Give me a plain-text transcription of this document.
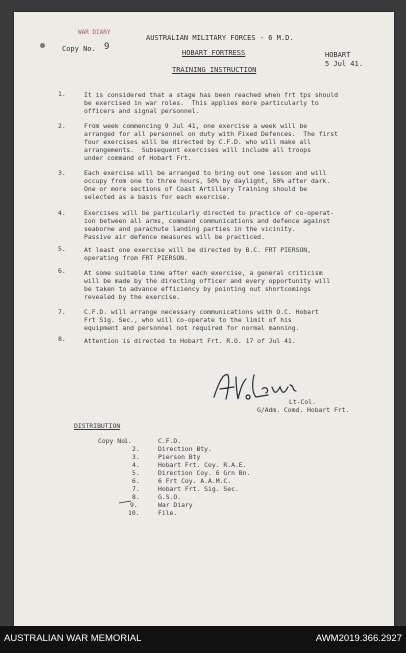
WAR DIARY
AUSTRALIAN MILITARY FORCES - 6 M.D.
Copy No. 9
HOBART FORTRESS	HOBART
5 Jul 41.
TRAINING INSTRUCTION
1.	It is considered that a stage has been reached when frt tps should
be exercised in war roles.  This applies more particularly to
officers and signal personnel.
2.	From week commencing 9 Jul 41, one exercise a week will be
arranged for all personnel on duty with Fixed Defences.  The first
four exercises will be directed by C.F.D. who will make all
arrangements.  Subsequent exercises will include all troops
under command of Hobart Frt.
3.	Each exercise will be arranged to bring out one lesson and will
occupy from one to three hours, 50% by daylight, 50% after dark.
One or more sections of Coast Artillery Training should be
selected as a basis for each exercise.
4.	Exercises will be particularly directed to practice of co-operat-
ion between all arms, command communications and defence against
seaborne and parachute landing parties in the vicinity.
Passive air defence measures will be practiced.
5.	At least one exercise will be directed by B.C. FRT PIERSON,
operating from FRT PIERSON.
6.	At some suitable time after each exercise, a general criticism
will be made by the directing officer and every opportunity will
be taken to advance efficiency by pointing out shortcomings
revealed by the exercise.
7.	C.F.D. will arrange necessary communications with O.C. Hobart
Frt Sig. Sec., who will co-operate to the limit of his
equipment and personnel not required for normal manning.
8.	Attention is directed to Hobart Frt. R.O. 17 of Jul 41.
Lt-Col.
G/Adm. Comd. Hobart Frt.
DISTRIBUTION
Copy No 1.	C.F.D.
2.	Direction Bty.
3.	Pierson Bty
4.	Hobart Frt. Coy. R.A.E.
5.	Direction Coy. 6 Grn Bn.
6.	6 Frt Coy. A.A.M.C.
7.	Hobart Frt. Sig. Sec.
8.	G.S.O.
9.	War Diary
10.	File.
AUSTRALIAN WAR MEMORIAL	AWM2019.366.2927
